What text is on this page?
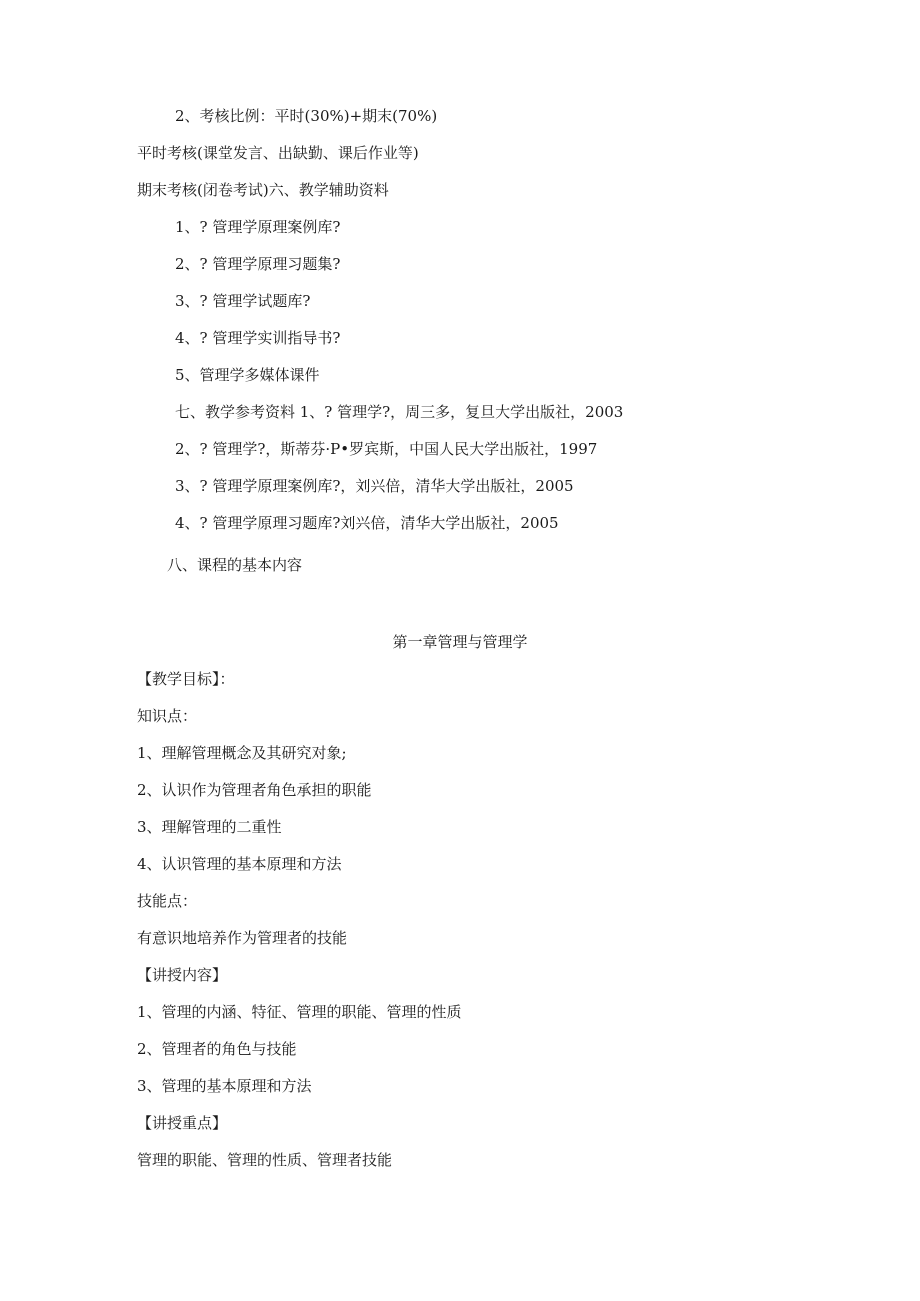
2、考核比例：平时(30%)+期末(70%)
平时考核(课堂发言、出缺勤、课后作业等)
期末考核(闭卷考试)六、教学辅助资料
1、? 管理学原理案例库?
2、? 管理学原理习题集?
3、? 管理学试题库?
4、? 管理学实训指导书?
5、管理学多媒体课件
七、教学参考资料 1、? 管理学?，周三多，复旦大学出版社，2003
2、? 管理学?，斯蒂芬·P•罗宾斯，中国人民大学出版社，1997
3、? 管理学原理案例库?，刘兴倍，清华大学出版社，2005
4、? 管理学原理习题库?刘兴倍，清华大学出版社，2005
八、课程的基本内容
第一章管理与管理学
【教学目标】：
知识点：
1、理解管理概念及其研究对象;
2、认识作为管理者角色承担的职能
3、理解管理的二重性
4、认识管理的基本原理和方法
技能点：
有意识地培养作为管理者的技能
【讲授内容】
1、管理的内涵、特征、管理的职能、管理的性质
2、管理者的角色与技能
3、管理的基本原理和方法
【讲授重点】
管理的职能、管理的性质、管理者技能
